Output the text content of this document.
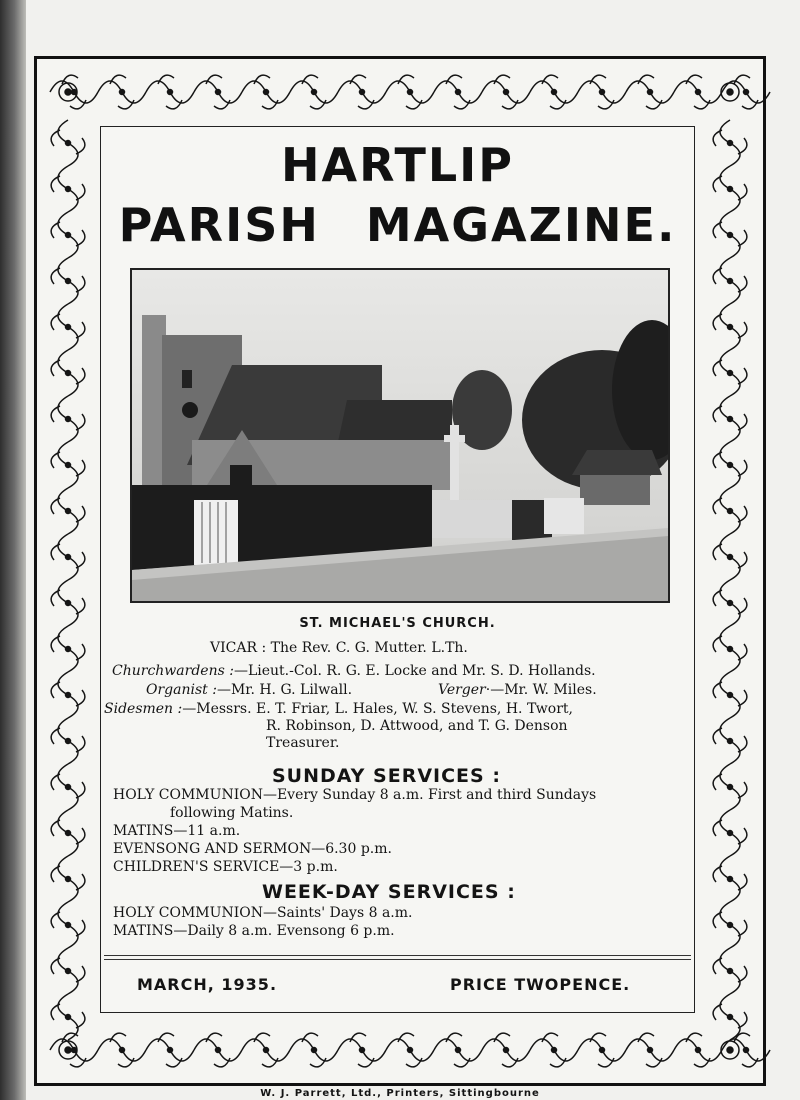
HARTLIP
PARISH MAGAZINE.
ST. MICHAEL'S CHURCH.
VICAR : The Rev. C. G. Mutter. L.Th.
Churchwardens :—Lieut.-Col. R. G. E. Locke and Mr. S. D. Hollands.
Organist :—Mr. H. G. Lilwall.	Verger·—Mr. W. Miles.
Sidesmen :—Messrs. E. T. Friar, L. Hales, W. S. Stevens, H. Twort,
R. Robinson, D. Attwood, and T. G. Denson
Treasurer.
SUNDAY SERVICES :
HOLY COMMUNION—Every Sunday 8 a.m. First and third Sundays
following Matins.
MATINS—11 a.m.
EVENSONG AND SERMON—6.30 p.m.
CHILDREN'S SERVICE—3 p.m.
WEEK-DAY SERVICES :
HOLY COMMUNION—Saints' Days 8 a.m.
MATINS—Daily 8 a.m. Evensong 6 p.m.
MARCH, 1935.	PRICE TWOPENCE.
W. J. Parrett, Ltd., Printers, Sittingbourne
